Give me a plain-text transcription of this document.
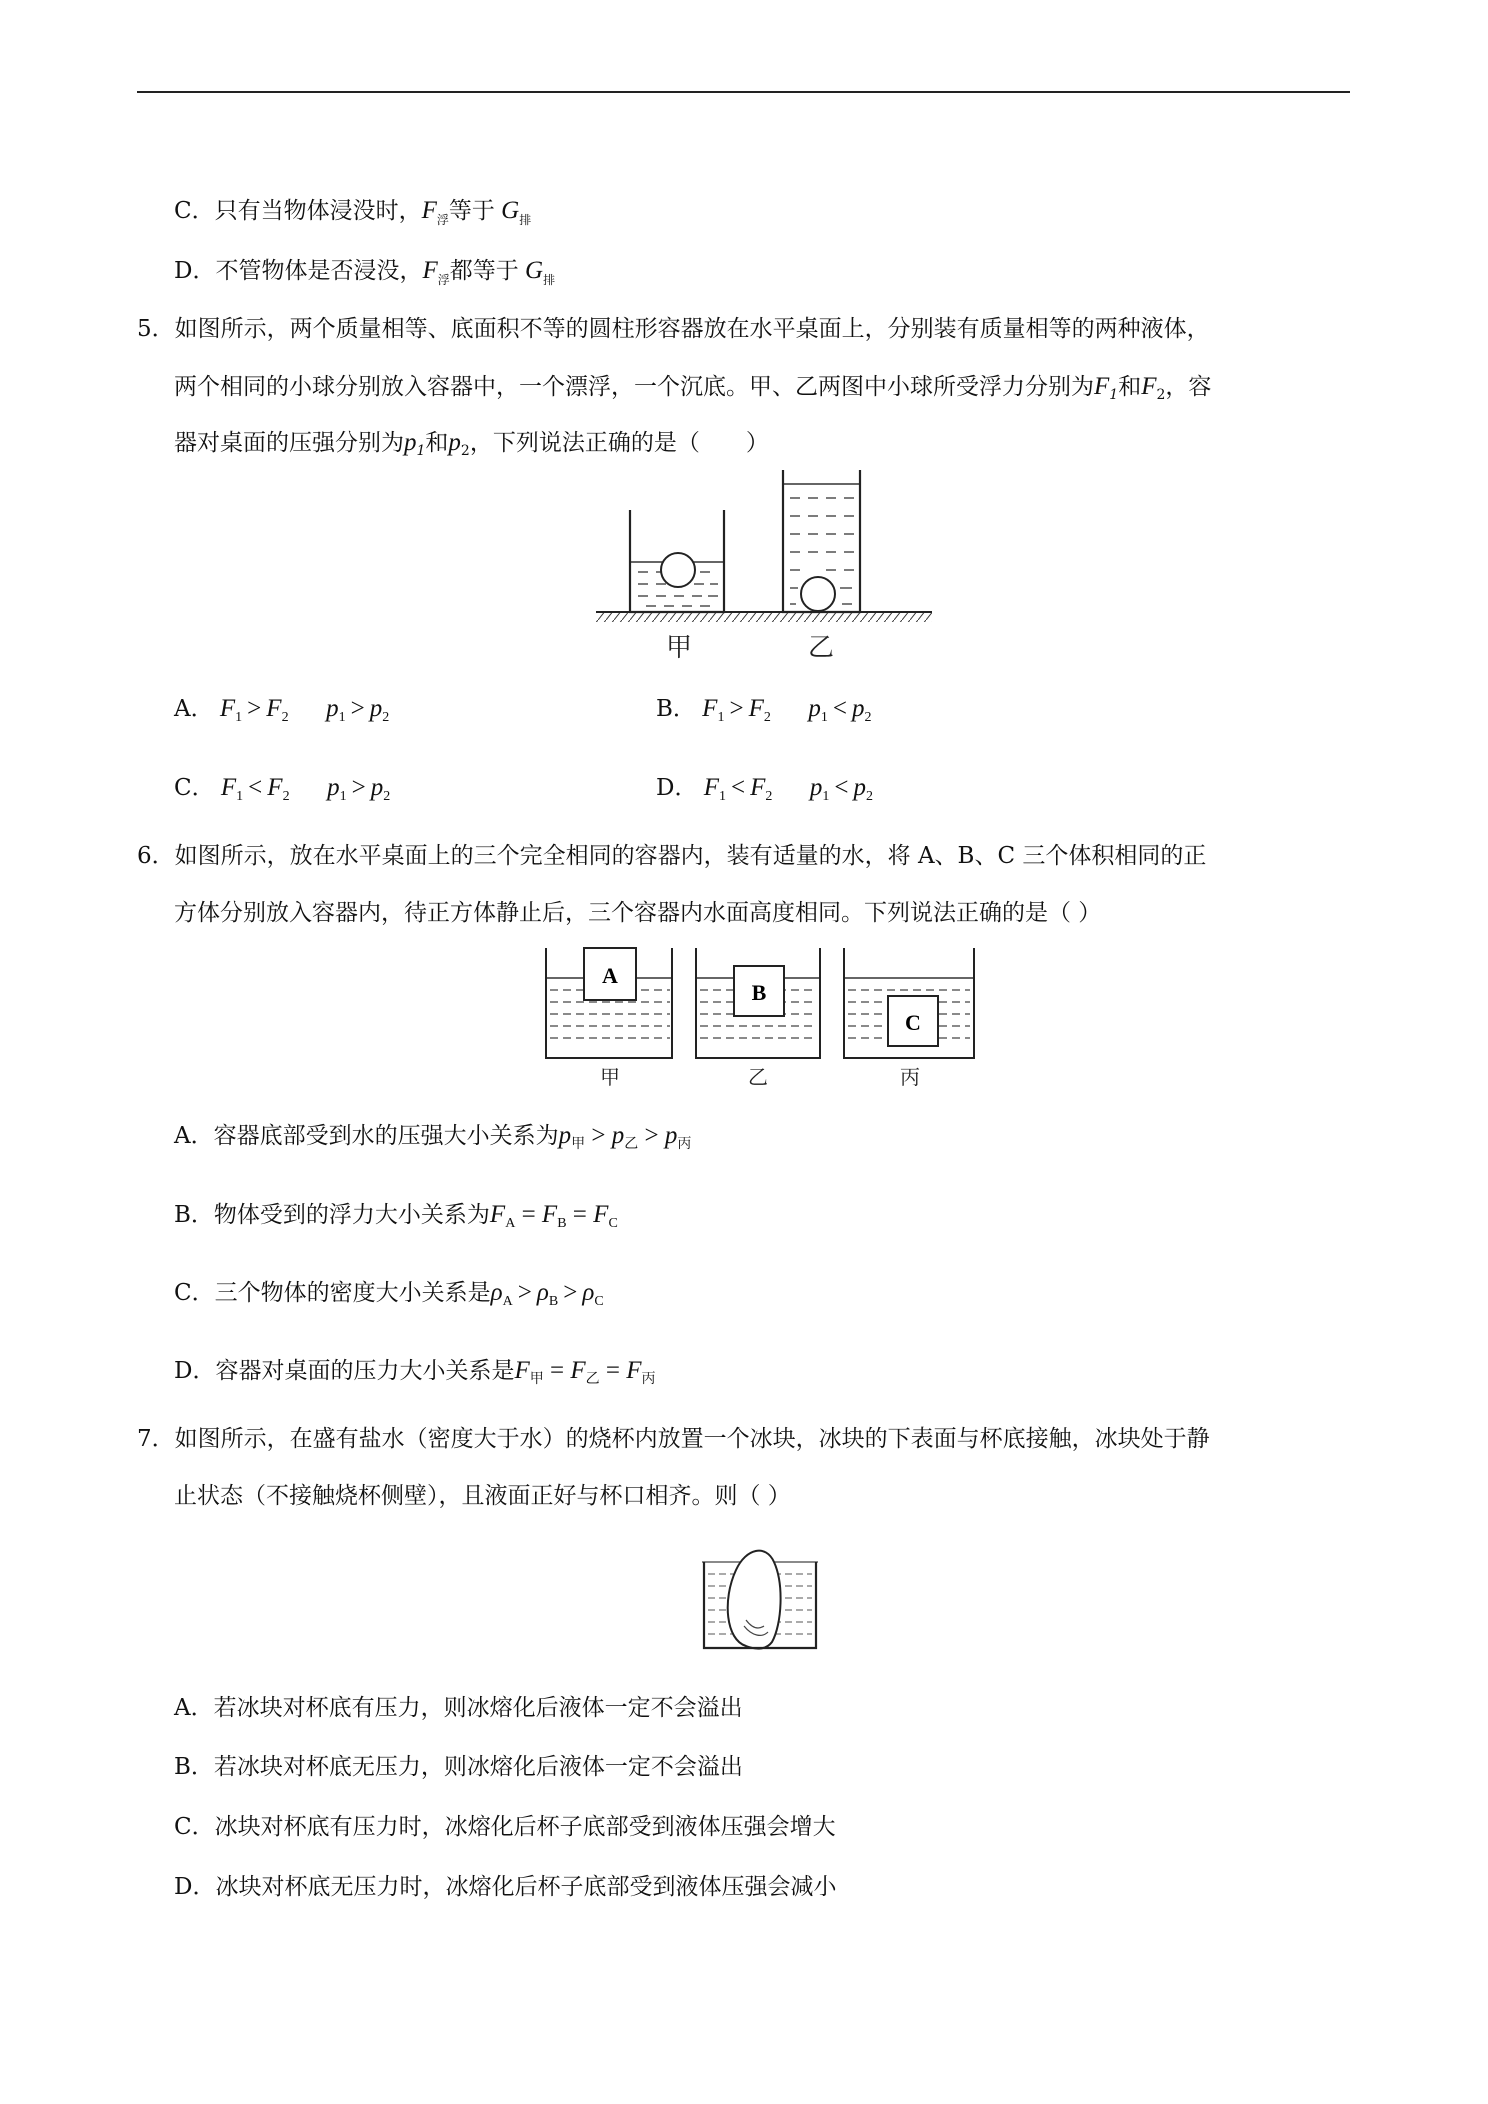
C．只有当物体浸没时，$F_浮$等于 $G_排$
D．不管物体是否浸没，$F_浮$都等于 $G_排$
5．如图所示，两个质量相等、底面积不等的圆柱形容器放在水平桌面上，分别装有质量相等的两种液体，
两个相同的小球分别放入容器中，一个漂浮，一个沉底。甲、乙两图中小球所受浮力分别为$F_1$和$F_2$，容
器对桌面的压强分别为$p_1$和$p_2$，下列说法正确的是（　　）
甲	乙
A． $F_1 > F_2$   $p_1 > p_2$	B． $F_1 > F_2$   $p_1 < p_2$
C． $F_1 < F_2$   $p_1 > p_2$	D． $F_1 < F_2$   $p_1 < p_2$
6．如图所示，放在水平桌面上的三个完全相同的容器内，装有适量的水，将 A、B、C 三个体积相同的正
方体分别放入容器内，待正方体静止后，三个容器内水面高度相同。下列说法正确的是（ ）
A
B
C
甲	乙	丙
A．容器底部受到水的压强大小关系为$p_甲 > p_乙 > p_丙$
B．物体受到的浮力大小关系为$F_A = F_B = F_C$
C．三个物体的密度大小关系是$\rho_A > \rho_B > \rho_C$
D．容器对桌面的压力大小关系是$F_甲 = F_乙 = F_丙$
7．如图所示，在盛有盐水（密度大于水）的烧杯内放置一个冰块，冰块的下表面与杯底接触，冰块处于静
止状态（不接触烧杯侧壁），且液面正好与杯口相齐。则（ ）
A．若冰块对杯底有压力，则冰熔化后液体一定不会溢出
B．若冰块对杯底无压力，则冰熔化后液体一定不会溢出
C．冰块对杯底有压力时，冰熔化后杯子底部受到液体压强会增大
D．冰块对杯底无压力时，冰熔化后杯子底部受到液体压强会减小
